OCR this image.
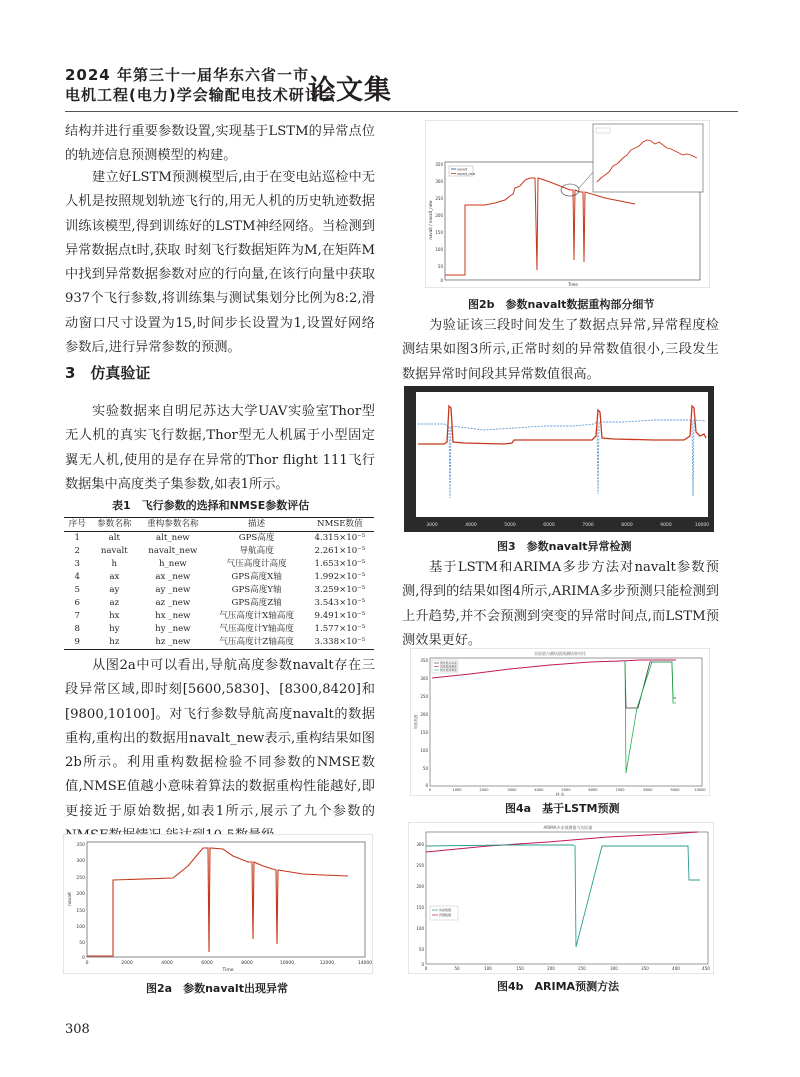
2024 年第三十一届华东六省一市
电机工程(电力)学会输配电技术研讨会
论文集

结构并进行重要参数设置,实现基于LSTM的异常点位的轨迹信息预测模型的构建。

建立好LSTM预测模型后,由于在变电站巡检中无人机是按照规划轨迹飞行的,用无人机的历史轨迹数据训练该模型,得到训练好的LSTM神经网络。当检测到异常数据点t时,获取 时刻飞行数据矩阵为M,在矩阵M中找到异常数据参数对应的行向量,在该行向量中获取937个飞行参数,将训练集与测试集划分比例为8:2,滑动窗口尺寸设置为15,时间步长设置为1,设置好网络参数后,进行异常参数的预测。

3　仿真验证

实验数据来自明尼苏达大学UAV实验室Thor型无人机的真实飞行数据,Thor型无人机属于小型固定翼无人机,使用的是存在异常的Thor flight 111飞行数据集中高度类子集参数,如表1所示。

表1　飞行参数的选择和NMSE参数评估
序号	参数名称	重构参数名称	描述	NMSE数值
1	alt	alt_new	GPS高度	4.315×10⁻⁵
2	navalt	navalt_new	导航高度	2.261×10⁻⁵
3	h	h_new	气压高度计高度	1.653×10⁻⁵
4	ax	ax _new	GPS高度X轴	1.992×10⁻⁵
5	ay	ay _new	GPS高度Y轴	3.259×10⁻⁵
6	az	az _new	GPS高度Z轴	3.543×10⁻⁵
7	hx	hx _new	气压高度计X轴高度	9.491×10⁻⁵
8	hy	hy _new	气压高度计Y轴高度	1.577×10⁻⁵
9	hz	hz _new	气压高度计Z轴高度	3.338×10⁻⁵

从图2a中可以看出,导航高度参数navalt存在三段异常区域,即时刻[5600,5830]、[8300,8420]和[9800,10100]。对飞行参数导航高度navalt的数据重构,重构出的数据用navalt_new表示,重构结果如图2b所示。利用重构数据检验不同参数的NMSE数值,NMSE值越小意味着算法的数据重构性能越好,即更接近于原始数据,如表1所示,展示了九个参数的

350
300
250
200
150
100
50
0
0	2000	4000	6000	8000	10000	12000	14000
Time
navalt
图2a　参数navalt出现异常
350
300
250
200
150
100
50
0
Time
navalt / navalt_new
navalt
navalt_new
图2b　参数navalt数据重构部分细节

为验证该三段时间发生了数据点异常,异常程度检测结果如图3所示,正常时刻的异常数值很小,三段发生数据异常时间段其异常数值很高。

3000	4000	5000	6000	7000	8000	9000	10000
图3　参数navalt异常检测

基于LSTM和ARIMA多步方法对navalt参数预测,得到的结果如图4所示,ARIMA多步预测只能检测到上升趋势,并不会预测到突变的异常时间点,而LSTM预测效果更好。

实际值与测试值预测结果对比
350
300
250
200
150
100
50
0
0	1000	2000	3000	4000	5000	6000	7000	8000	9000	10000
样 本
导航高度
测试集实际值
训练集预测值
测试集预测值
图4a　基于LSTM预测
ARIMA多步预测值与实际值
300
250
200
150
100
50
0
0	50	100	150	200	250	300	350	400	450
实际数据
预测数据
图4b　ARIMA预测方法
308
